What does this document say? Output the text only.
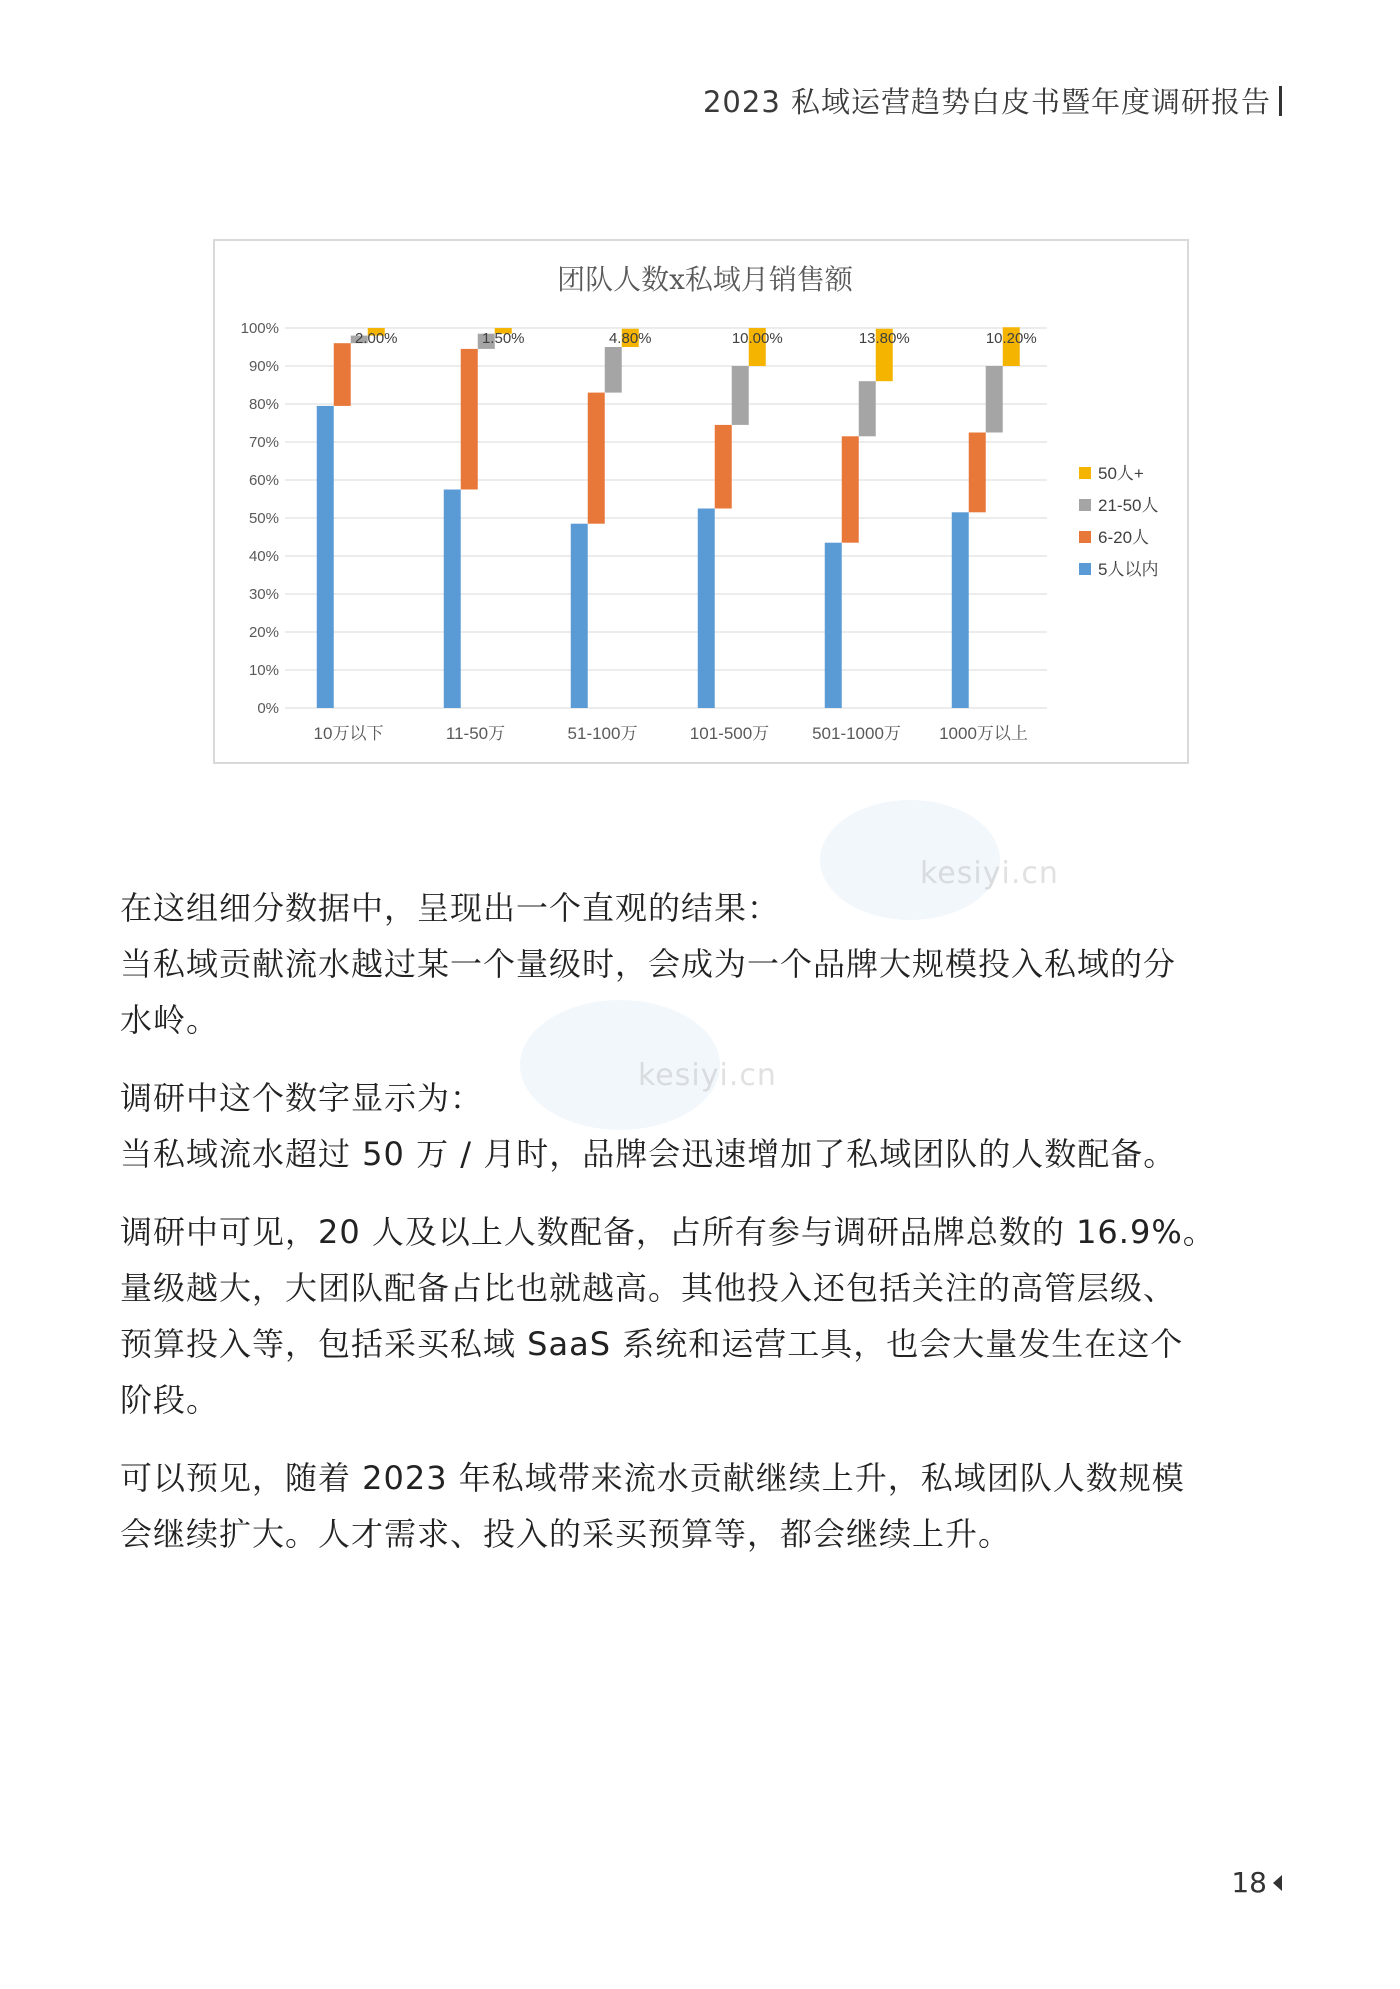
2023 私域运营趋势白皮书暨年度调研报告
kesiyi.cn
kesiyi.cn
团队人数x私域月销售额
0%
10%
20%
30%
40%
50%
60%
70%
80%
90%
100%
10万以下	11-50万	51-100万	101-500万	501-1000万 1000万以上
2.00%	1.50%	4.80%	10.00%	13.80%	10.20%
50人+
21-50人
6-20人
5人以内

在这组细分数据中，呈现出一个直观的结果：
当私域贡献流水越过某一个量级时，会成为一个品牌大规模投入私域的分
水岭。

调研中这个数字显示为：
当私域流水超过 50 万 / 月时，品牌会迅速增加了私域团队的人数配备。

调研中可见，20 人及以上人数配备，占所有参与调研品牌总数的 16.9%。
量级越大，大团队配备占比也就越高。其他投入还包括关注的高管层级、
预算投入等，包括采买私域 SaaS 系统和运营工具，也会大量发生在这个
阶段。

可以预见，随着 2023 年私域带来流水贡献继续上升，私域团队人数规模
会继续扩大。人才需求、投入的采买预算等，都会继续上升。

18
